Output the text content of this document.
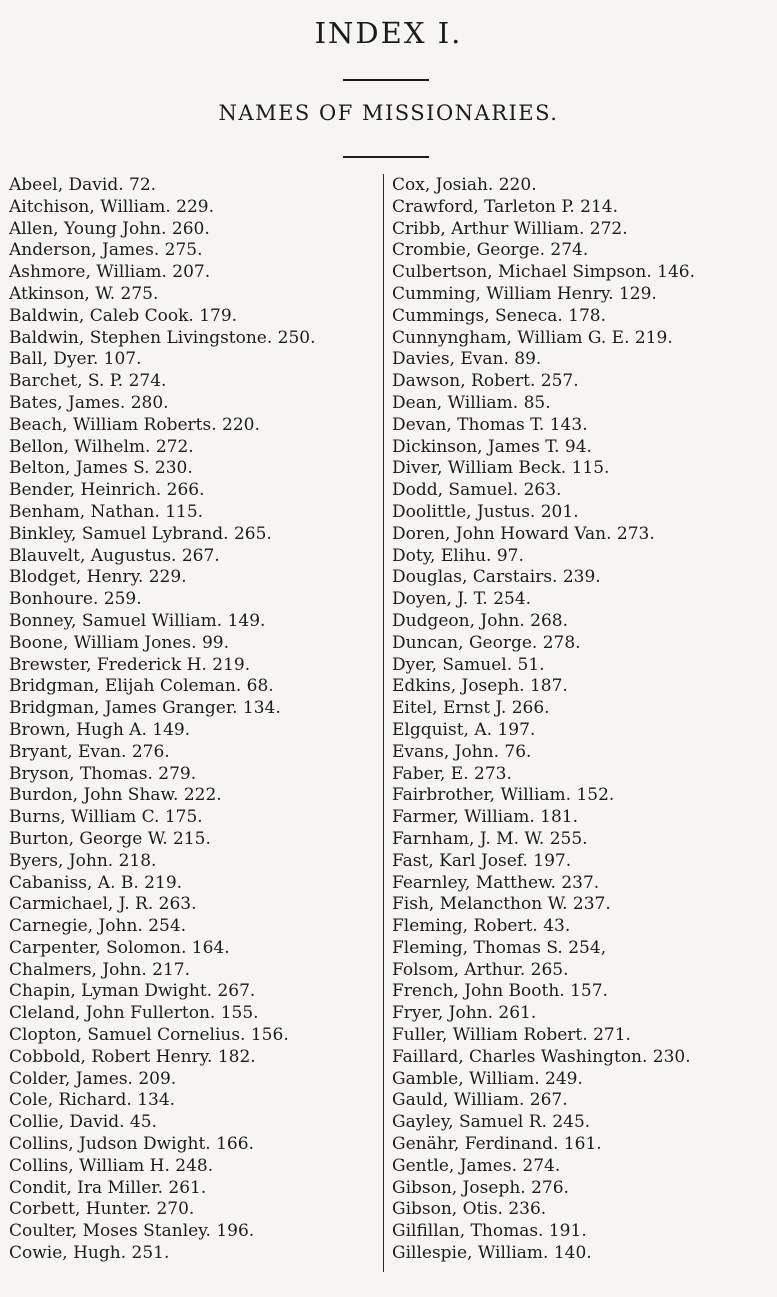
INDEX I.
NAMES OF MISSIONARIES.
Abeel, David. 72.
Aitchison, William. 229.
Allen, Young John. 260.
Anderson, James. 275.
Ashmore, William. 207.
Atkinson, W. 275.
Baldwin, Caleb Cook. 179.
Baldwin, Stephen Livingstone. 250.
Ball, Dyer. 107.
Barchet, S. P. 274.
Bates, James. 280.
Beach, William Roberts. 220.
Bellon, Wilhelm. 272.
Belton, James S. 230.
Bender, Heinrich. 266.
Benham, Nathan. 115.
Binkley, Samuel Lybrand. 265.
Blauvelt, Augustus. 267.
Blodget, Henry. 229.
Bonhoure. 259.
Bonney, Samuel William. 149.
Boone, William Jones. 99.
Brewster, Frederick H. 219.
Bridgman, Elijah Coleman. 68.
Bridgman, James Granger. 134.
Brown, Hugh A. 149.
Bryant, Evan. 276.
Bryson, Thomas. 279.
Burdon, John Shaw. 222.
Burns, William C. 175.
Burton, George W. 215.
Byers, John. 218.
Cabaniss, A. B. 219.
Carmichael, J. R. 263.
Carnegie, John. 254.
Carpenter, Solomon. 164.
Chalmers, John. 217.
Chapin, Lyman Dwight. 267.
Cleland, John Fullerton. 155.
Clopton, Samuel Cornelius. 156.
Cobbold, Robert Henry. 182.
Colder, James. 209.
Cole, Richard. 134.
Collie, David. 45.
Collins, Judson Dwight. 166.
Collins, William H. 248.
Condit, Ira Miller. 261.
Corbett, Hunter. 270.
Coulter, Moses Stanley. 196.
Cowie, Hugh. 251.
Cox, Josiah. 220.
Crawford, Tarleton P. 214.
Cribb, Arthur William. 272.
Crombie, George. 274.
Culbertson, Michael Simpson. 146.
Cumming, William Henry. 129.
Cummings, Seneca. 178.
Cunnyngham, William G. E. 219.
Davies, Evan. 89.
Dawson, Robert. 257.
Dean, William. 85.
Devan, Thomas T. 143.
Dickinson, James T. 94.
Diver, William Beck. 115.
Dodd, Samuel. 263.
Doolittle, Justus. 201.
Doren, John Howard Van. 273.
Doty, Elihu. 97.
Douglas, Carstairs. 239.
Doyen, J. T. 254.
Dudgeon, John. 268.
Duncan, George. 278.
Dyer, Samuel. 51.
Edkins, Joseph. 187.
Eitel, Ernst J. 266.
Elgquist, A. 197.
Evans, John. 76.
Faber, E. 273.
Fairbrother, William. 152.
Farmer, William. 181.
Farnham, J. M. W. 255.
Fast, Karl Josef. 197.
Fearnley, Matthew. 237.
Fish, Melancthon W. 237.
Fleming, Robert. 43.
Fleming, Thomas S. 254,
Folsom, Arthur. 265.
French, John Booth. 157.
Fryer, John. 261.
Fuller, William Robert. 271.
Faillard, Charles Washington. 230.
Gamble, William. 249.
Gauld, William. 267.
Gayley, Samuel R. 245.
Genähr, Ferdinand. 161.
Gentle, James. 274.
Gibson, Joseph. 276.
Gibson, Otis. 236.
Gilfillan, Thomas. 191.
Gillespie, William. 140.
